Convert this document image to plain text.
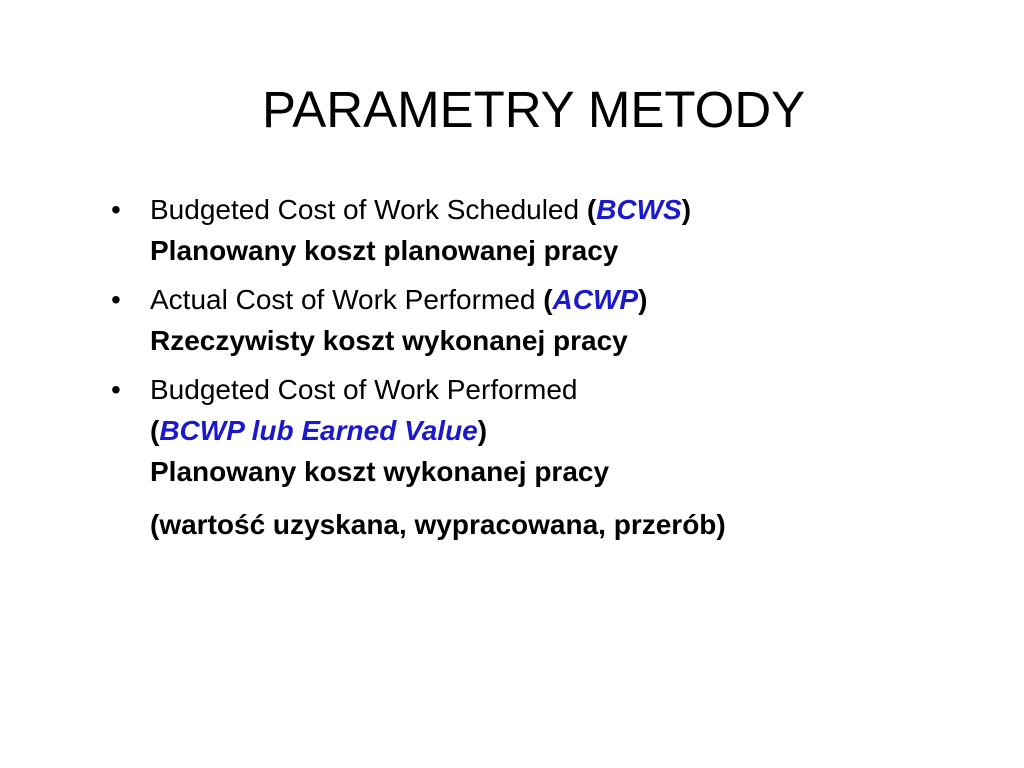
PARAMETRY METODY
•	Budgeted Cost of Work Scheduled (BCWS)
Planowany koszt planowanej pracy
•	Actual Cost of Work Performed (ACWP)
Rzeczywisty koszt wykonanej pracy
•	Budgeted Cost of Work Performed
(BCWP lub Earned Value)
Planowany koszt wykonanej pracy
(wartość uzyskana, wypracowana, przerób)
